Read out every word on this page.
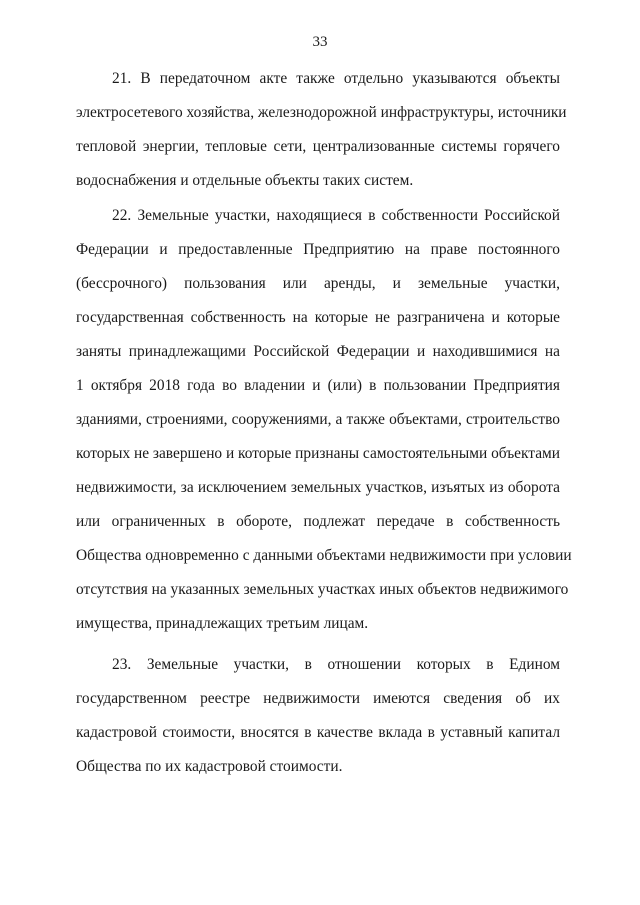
33
21. В передаточном акте также отдельно указываются объекты
электросетевого хозяйства, железнодорожной инфраструктуры, источники
тепловой энергии, тепловые сети, централизованные системы горячего
водоснабжения и отдельные объекты таких систем.
22. Земельные участки, находящиеся в собственности Российской
Федерации и предоставленные Предприятию на праве постоянного
(бессрочного) пользования или аренды, и земельные участки,
государственная собственность на которые не разграничена и которые
заняты принадлежащими Российской Федерации и находившимися на
1 октября 2018 года во владении и (или) в пользовании Предприятия
зданиями, строениями, сооружениями, а также объектами, строительство
которых не завершено и которые признаны самостоятельными объектами
недвижимости, за исключением земельных участков, изъятых из оборота
или ограниченных в обороте, подлежат передаче в собственность
Общества одновременно с данными объектами недвижимости при условии
отсутствия на указанных земельных участках иных объектов недвижимого
имущества, принадлежащих третьим лицам.
23. Земельные участки, в отношении которых в Едином
государственном реестре недвижимости имеются сведения об их
кадастровой стоимости, вносятся в качестве вклада в уставный капитал
Общества по их кадастровой стоимости.
